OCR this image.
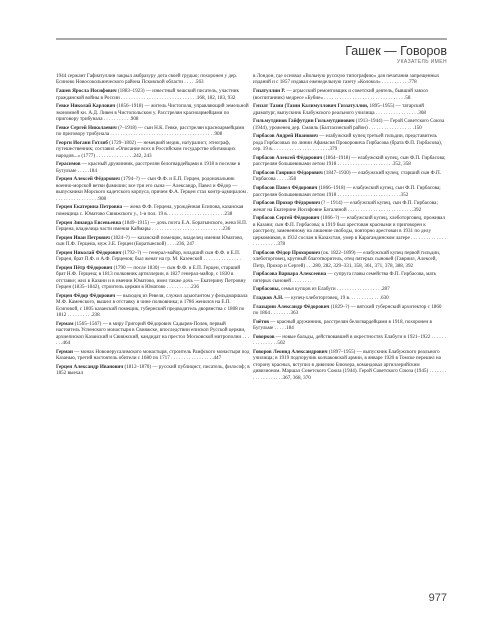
Гашек — Говоров
УКАЗАТЕЛЬ ИМЕН
1944 сержант Гафиатуллин закрыл амбразуру дота своей грудью; похоронен у дер. Есиново Новосокольнического района Псковской области . . . . .563
Гашев Яросла Иосифович (1883–1923) — известный чешский писатель, участник гражданской войны в России . . . . . . . . . . . . . . . . . . . . . . . . . . . . . .168, 182, 183, 932
Гевке Николай Карлович (1856–1918) — житель Чистополя, управляющий земельной экономией кн. А.Д. Ливен в Чистопольском у. Расстрелян красноармейцами по приговору трибунала . . . . . . . . . . .908
Гевке Сергей Николаевич (?–1918) — сын Н.К. Гевке, расстрелян красноармейцами по приговору трибунала . . . . . . . . . . . . . . . . . . . . . . . . . . . . . . . . . . . . . . . . .908
Георги Иоганн Готлиб (1729–1802) — немецкий медик, натуралист, этнограф, путешественник; составил «Описание всех в Российском государстве обитающих народов...» (1777) . . . . . . . . . . . . . . .242, 243
Герасимов — красный дружинник, расстрелян белогвардейцами в 1918 в поселке в Бутульме . . . . .184
Герцен Алексей Фёдорович (1794–?) — сын Ф.Ф. и Е.П. Герцен, родоначальник военно-морской ветви фамилии; все три его сына — Александр, Павел и Фёдор — выпускники Морского кадетского корпуса, причем Ф.А. Герцен стал контр-адмиралом . . . . . . . . . . . . . . . . . .908
Герцен Екатерина Петровна — жена Ф.Ф. Герцена, урождённая Есипова, казанская помещица с. Юматово Свияжского у., 1-я пол. 19 в. . . . . . . . . . . . . . . . . . . . . . .238
Герцен Зинаида Евсевьевна (1849–1915) — дочь поэта Е.А. Боратынского, жена Н.П. Герцена, владелица части имения Каймары . . . . . . . . . . . . . . . . . . . . . . . . . . . .236
Герцен Иван Петрович (1824–?) — казанский помещик, владелец имения Юматово, сын П.Ф. Герцена, муж З.Е. Герцен (Боратынской) . . . .236, 247
Герцен Николай Фёдорович (1792–?) — генерал-майор, младший сын Ф.Ф. и Е.П. Герцен, брат П.Ф. и А.Ф. Герценов; был женат на гр. М. Казенской . . . . . . . . . . . . . . .
Герцен Пётр Фёдорович (1790 — после 1830) — сын Ф.Ф. и Е.П. Герцен, старший брат Н.Ф. Герцена; в 1813 полковник артиллерии, в 1827 генерал-майор, с 1830 в отставке; жил в Казани и в имении Юматово, имел также дочь — Екатерину Петровну Герцен (1835–1842), строитель церкви в Юматово . . . . . . . . . .236
Герцен Фёдор Фёдорович — выходец из Ревеля, служил адъютантом у фельдмаршала М.Ф. Каменского, вышел в отставку в чине полковника; в 1786 женился на Е.П. Есиповой, с 1805 казанский помещик, губернский предводитель дворянства с 1808 по 1812 . . . . . . . . . .238
Гермам (1565–1567) — в миру Григорий Фёдорович Садырев-Полев, первый настоятель Успенского монастыря в Свияжске, впоследствии епископ Русской церкви, архиепископ Казанский и Свияжский, кандидат на престол Московской митрополии . . . . . .464
Герман — монах Новоиерусалимского монастыря, строитель Раифского монастыря под Казанью, третий настоятель обители с 1680 по 1717 . . . . . . . . . . . . . . . . .447
Герцен Александр Иванович (1812–1870) — русский публицист, писатель, философ; в 1852 выехал
в Лондон, где основал «Вольную русскую типографию» для печатания запрещенных изданий и с 1857 издавал еженедельную газету «Колокол» . . . . . . . . . . .778
Гизатуллин Р. — агрысский ремонтовщик и советский деятель, бывший завхоз (воспитанник) медресе «Бубие» . . . . . . . . . . . . . . . . . . . . . . . . . . . . . . . .58
Гиззат Тазии (Тазии Калимуллович Гиззатуллин, 1895–1955) — татарский драматург, выпускник Елабужского реального училища . . . . . . . . . . . . . . . . .368
Гильмутдинов Гайфутдин Гильмутдинович (1913–1944) — Герой Советского Союза (1944), уроженец дер. Смаиль (Балтасинский район) . . . . . . . . . . . . . . . . . .150
Гирбасов Андрей Иванович — елабужский купец третьей гильдии, представитель рода Гирбасовых по линии Афанасия Прокоровича Гирбасова (брата Ф.П. Гирбасова), сер. 19 в. . . . . . . . . . . . . . . . . . . . . . .379
Гирбасов Алексей Фёдорович (1864–1918) — елабужский купец, сын Ф.П. Гирбасова; расстрелян большевиками летом 1918 . . . . . . . . . . . . . . . . . . . . . .352, 358
Гирбасов Гавриил Фёдорович (1847–1930) — елабужский купец, старший сын Ф.П. Гирбасова . . . . .358
Гирбасов Павел Фёдорович (1866–1918) — елабужский купец, сын Ф.П. Гирбасова; расстрелян большевиками летом 1918 . . . . . . . . . . . . . . . . . . . . . . . . .352
Гирбасов Прохор Фёдорович (? – 1914) — елабужский купец, сын Ф.П. Гирбасова; женат на Екатерине Иосифовне Баталиной . . . . . . . . . . . . . . . . . . . . . . . . . .392
Гирбасов Сергей Фёдорович (1866–?) — елабужский купец, хлеботорговец, проживал в Казани; сын Ф.П. Гирбасова; в 1919 был арестован красными и приговорен к расстрелу, замененному на лишение свободы, повторно арестован в 1931 по делу церковников, в 1932 сослан в Казахстан, умер в Карагандинском лагере . . . . . . . . . . . . . . . . . . . . . . . .378
Гирбасов Фёдор Прохорович (ок. 1822–1899) — елабужский купец первой гильдии, хлеботорговец, крупный благотворитель, отец пятерых сыновей (Гавриил, Алексей, Петр, Прохор и Сергей) . . .280, 282, 329–331, 358, 361, 371, 378, 388, 392
Гирбасова Варвара Алексеевна — супруга главы семейства Ф.П. Гирбасова, мать пятерых сыновей . . . . . . . .
Гирбасовы, семья купцов из Елабуги . . . . . . . . . . . . . . . . . .287
Гладков А.Н. — купец-хлеботорговец, 19 в. . . . . . . . . . . . .630
Глазырин Александр Фёдорович (1829–?) — вятский губернский архитектор с 1860 по 1864 . . . . . . . .363
Гнётов — красный дружинник, расстрелян белогвардейцами в 1918, похоронен в Бугульме . . . . .184
Говорков — новые бальды, действовавшей в окрестностях Елабуги в 1921–1922 . . . . . . . . . . . . . . . .502
Говоров Леонид Александрович (1897–1955) — выпускник Елабужского реального училища; в 1919 подпоручик колчаковской армии, в январе 1920 в Томске перешел на сторону красных, вступил в дивизию Блюхера, командовал артиллерийским дивизионом. Маршал Советского Союза (1944). Герой Советского Союза (1945) . . . . . . . . . . . . . . . . . . .367, 368, 370
977
